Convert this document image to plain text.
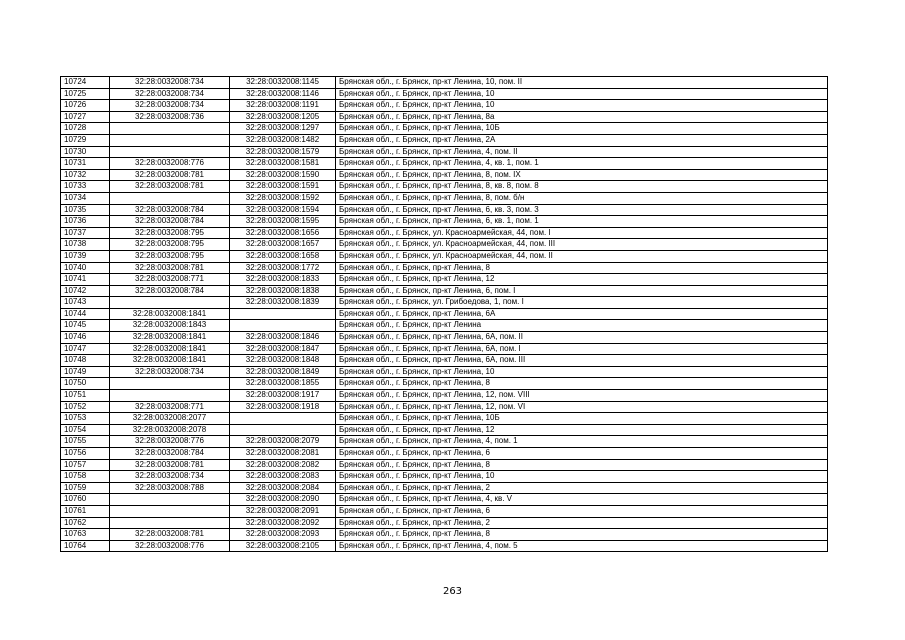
10724	32:28:0032008:734	32:28:0032008:1145	Брянская обл., г. Брянск, пр-кт Ленина, 10, пом. II
10725	32:28:0032008:734	32:28:0032008:1146	Брянская обл., г. Брянск, пр-кт Ленина, 10
10726	32:28:0032008:734	32:28:0032008:1191	Брянская обл., г. Брянск, пр-кт Ленина, 10
10727	32:28:0032008:736	32:28:0032008:1205	Брянская обл., г. Брянск, пр-кт Ленина, 8а
10728		32:28:0032008:1297	Брянская обл., г. Брянск, пр-кт Ленина, 10Б
10729		32:28:0032008:1482	Брянская обл., г. Брянск, пр-кт Ленина, 2А
10730		32:28:0032008:1579	Брянская обл., г. Брянск, пр-кт Ленина, 4, пом. II
10731	32:28:0032008:776	32:28:0032008:1581	Брянская обл., г. Брянск, пр-кт Ленина, 4, кв. 1, пом. 1
10732	32:28:0032008:781	32:28:0032008:1590	Брянская обл., г. Брянск, пр-кт Ленина, 8, пом. IX
10733	32:28:0032008:781	32:28:0032008:1591	Брянская обл., г. Брянск, пр-кт Ленина, 8, кв. 8, пом. 8
10734		32:28:0032008:1592	Брянская обл., г. Брянск, пр-кт Ленина, 8, пом. б/н
10735	32:28:0032008:784	32:28:0032008:1594	Брянская обл., г. Брянск, пр-кт Ленина, 6, кв. 3, пом. 3
10736	32:28:0032008:784	32:28:0032008:1595	Брянская обл., г. Брянск, пр-кт Ленина, 6, кв. 1, пом. 1
10737	32:28:0032008:795	32:28:0032008:1656	Брянская обл., г. Брянск, ул. Красноармейская, 44, пом. I
10738	32:28:0032008:795	32:28:0032008:1657	Брянская обл., г. Брянск, ул. Красноармейская, 44, пом. III
10739	32:28:0032008:795	32:28:0032008:1658	Брянская обл., г. Брянск, ул. Красноармейская, 44, пом. II
10740	32:28:0032008:781	32:28:0032008:1772	Брянская обл., г. Брянск, пр-кт Ленина, 8
10741	32:28:0032008:771	32:28:0032008:1833	Брянская обл., г. Брянск, пр-кт Ленина, 12
10742	32:28:0032008:784	32:28:0032008:1838	Брянская обл., г. Брянск, пр-кт Ленина, 6, пом. I
10743		32:28:0032008:1839	Брянская обл., г. Брянск, ул. Грибоедова, 1, пом. I
10744	32:28:0032008:1841		Брянская обл., г. Брянск, пр-кт Ленина, 6А
10745	32:28:0032008:1843		Брянская обл., г. Брянск, пр-кт Ленина
10746	32:28:0032008:1841	32:28:0032008:1846	Брянская обл., г. Брянск, пр-кт Ленина, 6А, пом. II
10747	32:28:0032008:1841	32:28:0032008:1847	Брянская обл., г. Брянск, пр-кт Ленина, 6А, пом. I
10748	32:28:0032008:1841	32:28:0032008:1848	Брянская обл., г. Брянск, пр-кт Ленина, 6А, пом. III
10749	32:28:0032008:734	32:28:0032008:1849	Брянская обл., г. Брянск, пр-кт Ленина, 10
10750		32:28:0032008:1855	Брянская обл., г. Брянск, пр-кт Ленина, 8
10751		32:28:0032008:1917	Брянская обл., г. Брянск, пр-кт Ленина, 12, пом. VIII
10752	32:28:0032008:771	32:28:0032008:1918	Брянская обл., г. Брянск, пр-кт Ленина, 12, пом. VI
10753	32:28:0032008:2077		Брянская обл., г. Брянск, пр-кт Ленина, 10Б
10754	32:28:0032008:2078		Брянская обл., г. Брянск, пр-кт Ленина, 12
10755	32:28:0032008:776	32:28:0032008:2079	Брянская обл., г. Брянск, пр-кт Ленина, 4, пом. 1
10756	32:28:0032008:784	32:28:0032008:2081	Брянская обл., г. Брянск, пр-кт Ленина, 6
10757	32:28:0032008:781	32:28:0032008:2082	Брянская обл., г. Брянск, пр-кт Ленина, 8
10758	32:28:0032008:734	32:28:0032008:2083	Брянская обл., г. Брянск, пр-кт Ленина, 10
10759	32:28:0032008:788	32:28:0032008:2084	Брянская обл., г. Брянск, пр-кт Ленина, 2
10760		32:28:0032008:2090	Брянская обл., г. Брянск, пр-кт Ленина, 4, кв. V
10761		32:28:0032008:2091	Брянская обл., г. Брянск, пр-кт Ленина, 6
10762		32:28:0032008:2092	Брянская обл., г. Брянск, пр-кт Ленина, 2
10763	32:28:0032008:781	32:28:0032008:2093	Брянская обл., г. Брянск, пр-кт Ленина, 8
10764	32:28:0032008:776	32:28:0032008:2105	Брянская обл., г. Брянск, пр-кт Ленина, 4, пом. 5
263
